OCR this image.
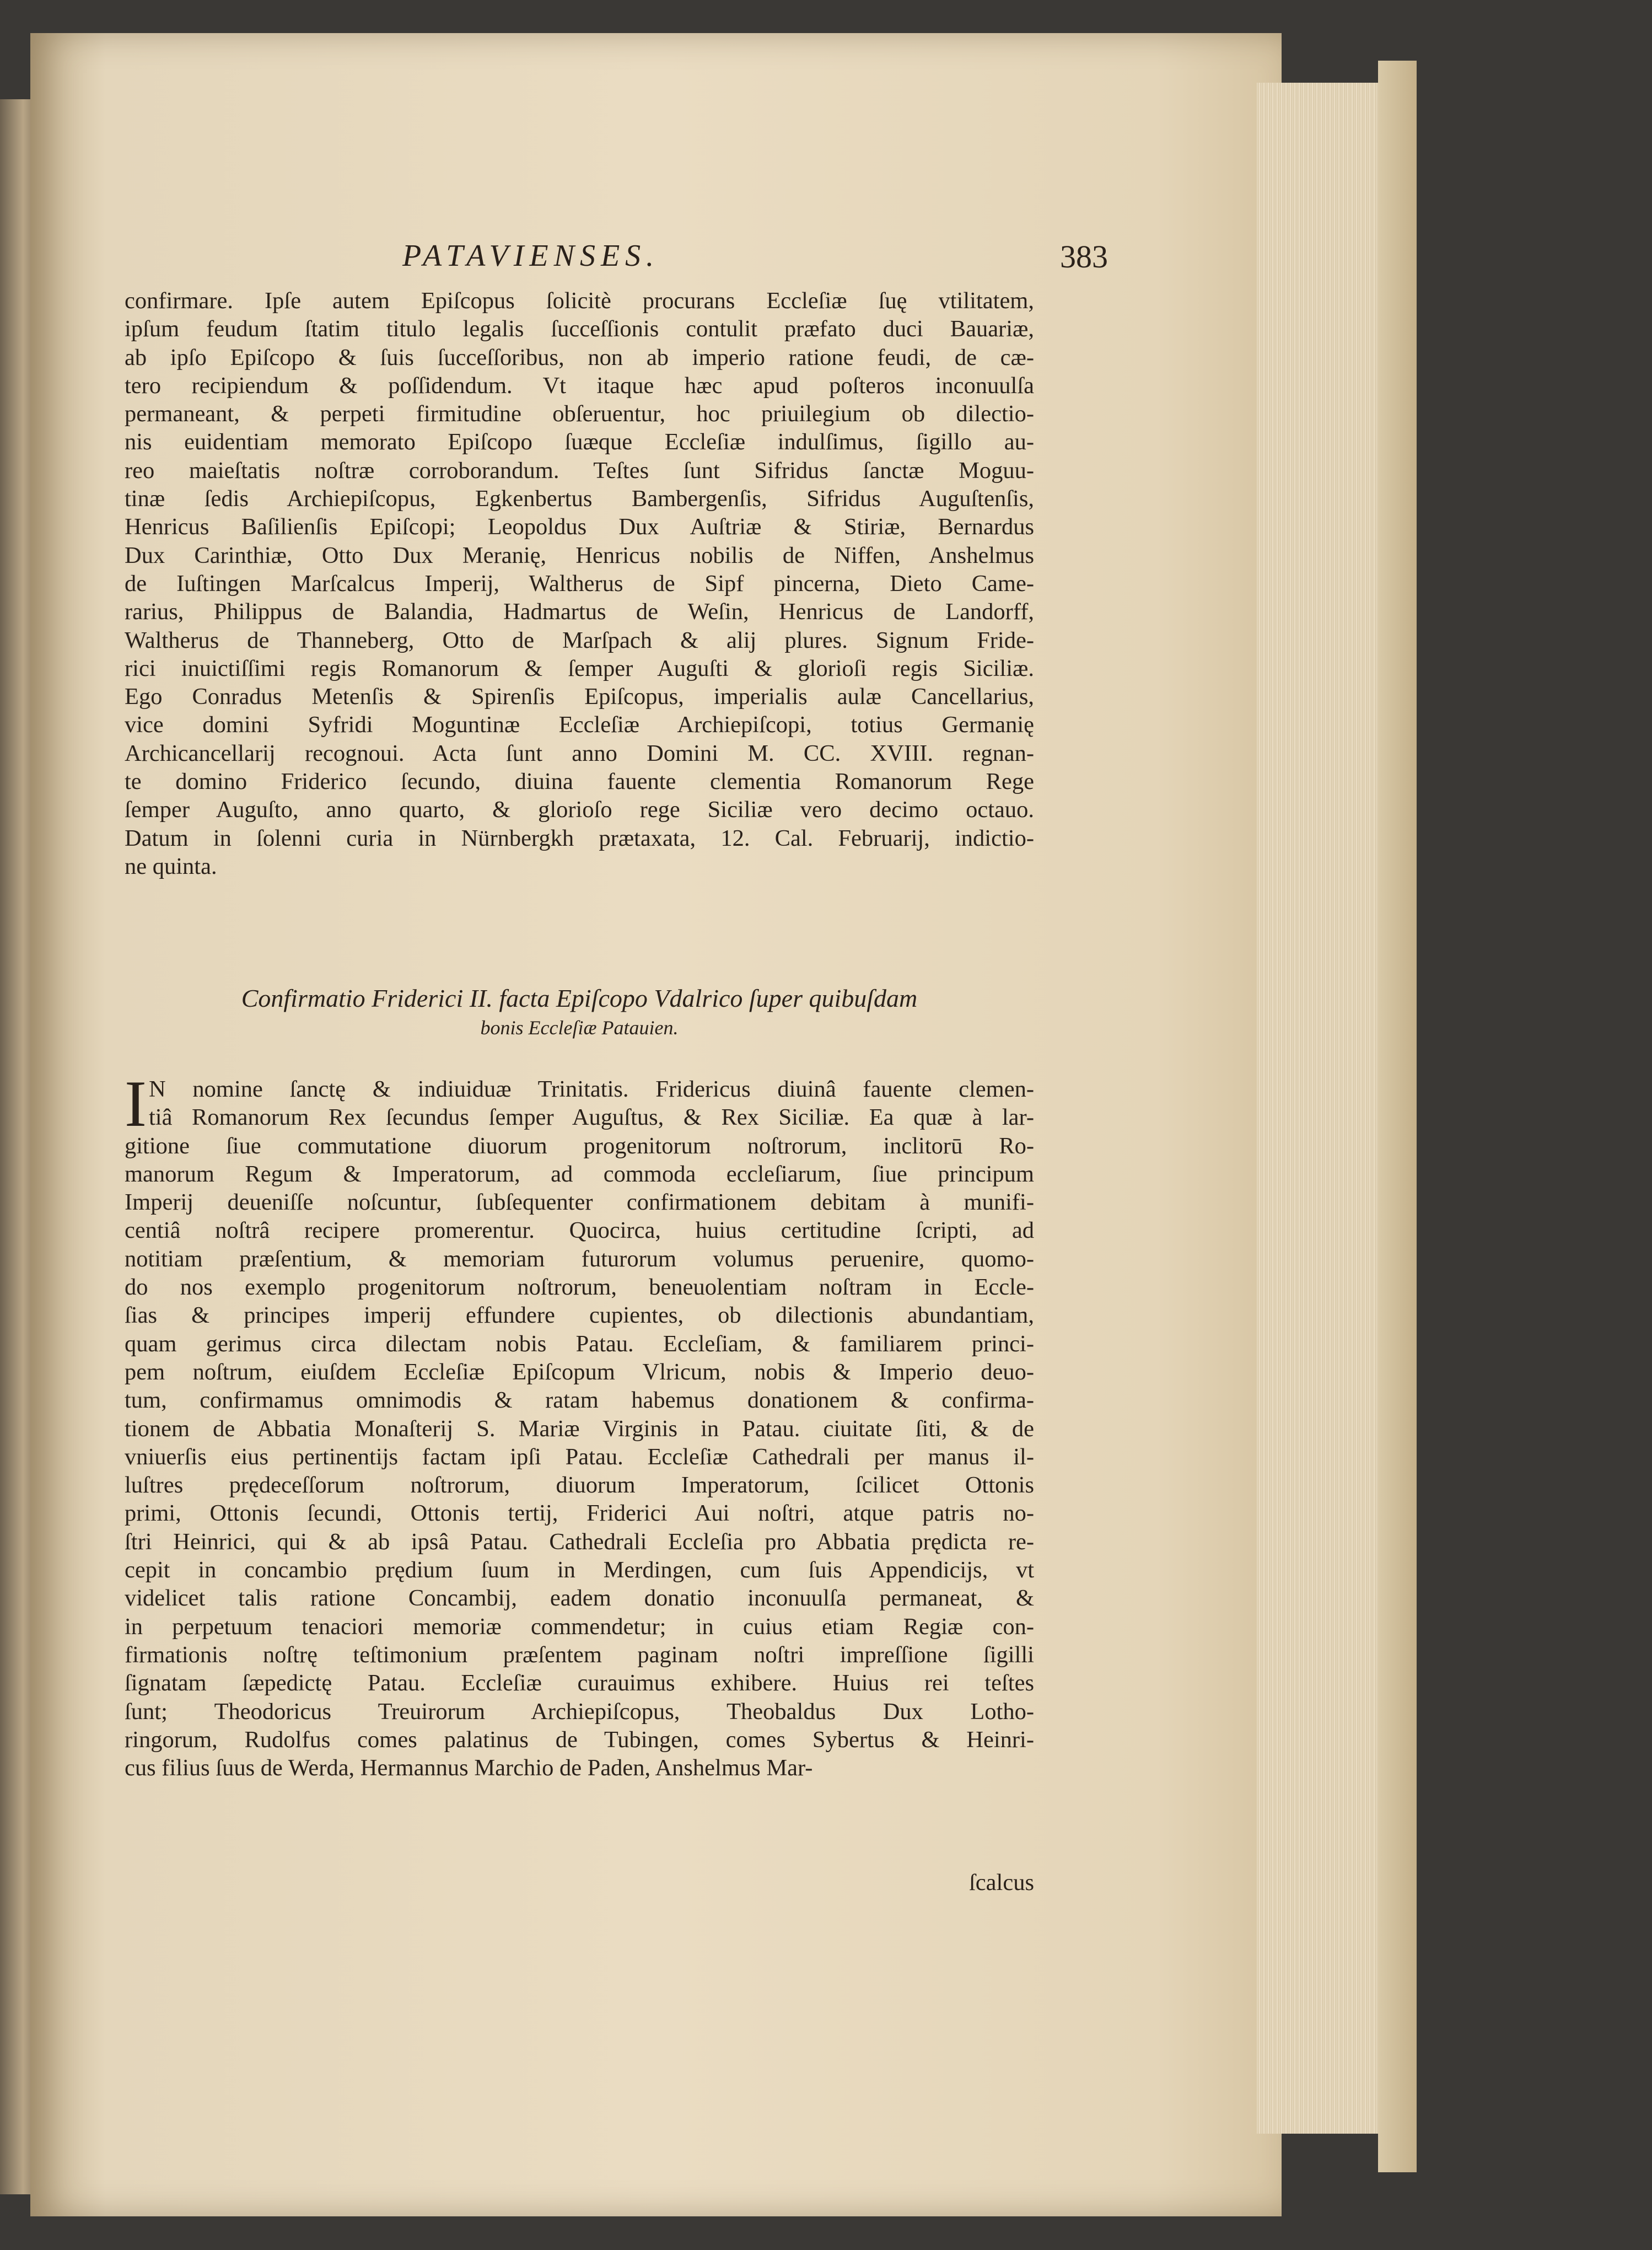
PATAVIENSES.	383
confirmare. Ipſe autem Epiſcopus ſolicitè procurans Eccleſiæ ſuę vtilitatem,
ipſum feudum ſtatim titulo legalis ſucceſſionis contulit præfato duci Bauariæ,
ab ipſo Epiſcopo & ſuis ſucceſſoribus, non ab imperio ratione feudi, de cæ-
tero recipiendum & poſſidendum. Vt itaque hæc apud poſteros inconuulſa
permaneant, & perpeti firmitudine obſeruentur, hoc priuilegium ob dilectio-
nis euidentiam memorato Epiſcopo ſuæque Eccleſiæ indulſimus, ſigillo au-
reo maieſtatis noſtræ corroborandum. Teſtes ſunt Sifridus ſanctæ Moguu-
tinæ ſedis Archiepiſcopus, Egkenbertus Bambergenſis, Sifridus Auguſtenſis,
Henricus Baſilienſis Epiſcopi; Leopoldus Dux Auſtriæ & Stiriæ, Bernardus
Dux Carinthiæ, Otto Dux Meranię, Henricus nobilis de Niffen, Anshelmus
de Iuſtingen Marſcalcus Imperij, Waltherus de Sipf pincerna, Dieto Came-
rarius, Philippus de Balandia, Hadmartus de Weſin, Henricus de Landorff,
Waltherus de Thanneberg, Otto de Marſpach & alij plures. Signum Fride-
rici inuictiſſimi regis Romanorum & ſemper Auguſti & glorioſi regis Siciliæ.
Ego Conradus Metenſis & Spirenſis Epiſcopus, imperialis aulæ Cancellarius,
vice domini Syfridi Moguntinæ Eccleſiæ Archiepiſcopi, totius Germanię
Archicancellarij recognoui. Acta ſunt anno Domini M. CC. XVIII. regnan-
te domino Friderico ſecundo, diuina fauente clementia Romanorum Rege
ſemper Auguſto, anno quarto, & glorioſo rege Siciliæ vero decimo octauo.
Datum in ſolenni curia in Nürnbergkh prætaxata, 12. Cal. Februarij, indictio-
ne quinta.
Confirmatio Friderici II. facta Epiſcopo Vdalrico ſuper quibuſdam
bonis Eccleſiæ Patauien.
I N nomine ſanctę & indiuiduæ Trinitatis. Fridericus diuinâ fauente clemen-
tiâ Romanorum Rex ſecundus ſemper Auguſtus, & Rex Siciliæ. Ea quæ à lar-
gitione ſiue commutatione diuorum progenitorum noſtrorum, inclitorū Ro-
manorum Regum & Imperatorum, ad commoda eccleſiarum, ſiue principum
Imperij deueniſſe noſcuntur, ſubſequenter confirmationem debitam à munifi-
centiâ noſtrâ recipere promerentur. Quocirca, huius certitudine ſcripti, ad
notitiam præſentium, & memoriam futurorum volumus peruenire, quomo-
do nos exemplo progenitorum noſtrorum, beneuolentiam noſtram in Eccle-
ſias & principes imperij effundere cupientes, ob dilectionis abundantiam,
quam gerimus circa dilectam nobis Patau. Eccleſiam, & familiarem princi-
pem noſtrum, eiuſdem Eccleſiæ Epiſcopum Vlricum, nobis & Imperio deuo-
tum, confirmamus omnimodis & ratam habemus donationem & confirma-
tionem de Abbatia Monaſterij S. Mariæ Virginis in Patau. ciuitate ſiti, & de
vniuerſis eius pertinentijs factam ipſi Patau. Eccleſiæ Cathedrali per manus il-
luſtres prędeceſſorum noſtrorum, diuorum Imperatorum, ſcilicet Ottonis
primi, Ottonis ſecundi, Ottonis tertij, Friderici Aui noſtri, atque patris no-
ſtri Heinrici, qui & ab ipsâ Patau. Cathedrali Eccleſia pro Abbatia prędicta re-
cepit in concambio prędium ſuum in Merdingen, cum ſuis Appendicijs, vt
videlicet talis ratione Concambij, eadem donatio inconuulſa permaneat, &
in perpetuum tenaciori memoriæ commendetur; in cuius etiam Regiæ con-
firmationis noſtrę teſtimonium præſentem paginam noſtri impreſſione ſigilli
ſignatam ſæpedictę Patau. Eccleſiæ curauimus exhibere. Huius rei teſtes
ſunt; Theodoricus Treuirorum Archiepiſcopus, Theobaldus Dux Lotho-
ringorum, Rudolfus comes palatinus de Tubingen, comes Sybertus & Heinri-
cus filius ſuus de Werda, Hermannus Marchio de Paden, Anshelmus Mar-
ſcalcus
